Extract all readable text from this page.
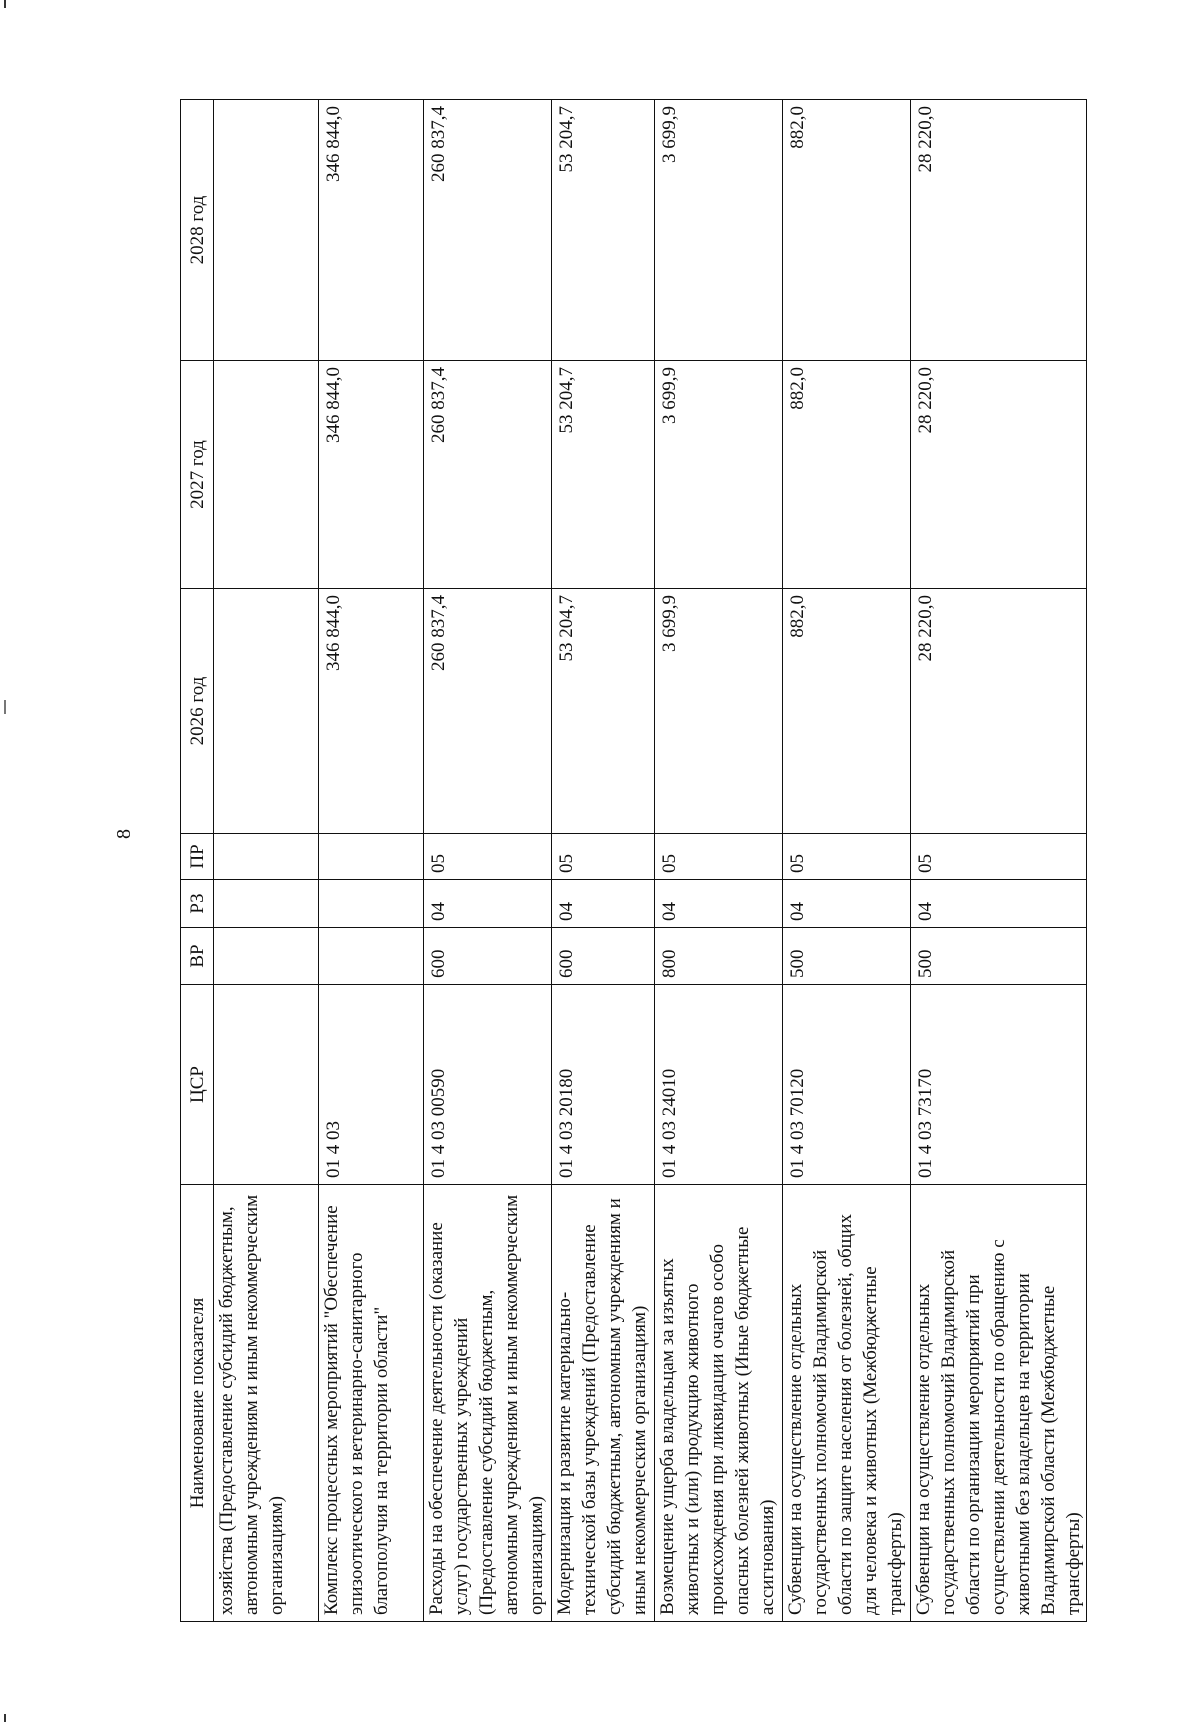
8
Наименование показателя	ЦСР	ВР	РЗ	ПР	2026 год	2027 год	2028 год
хозяйства (Предоставление субсидий бюджетным, автономным учреждениям и иным некоммерческим организациям)							
Комплекс процессных мероприятий "Обеспечение эпизоотического и ветеринарно-санитарного благополучия на территории области"	01 4 03				346 844,0	346 844,0	346 844,0
Расходы на обеспечение деятельности (оказание услуг) государственных учреждений (Предоставление субсидий бюджетным, автономным учреждениям и иным некоммерческим организациям)	01 4 03 00590	600	04	05	260 837,4	260 837,4	260 837,4
Модернизация и развитие материально-технической базы учреждений (Предоставление субсидий бюджетным, автономным учреждениям и иным некоммерческим организациям)	01 4 03 20180	600	04	05	53 204,7	53 204,7	53 204,7
Возмещение ущерба владельцам за изъятых животных и (или) продукцию животного происхождения при ликвидации очагов особо опасных болезней животных (Иные бюджетные ассигнования)	01 4 03 24010	800	04	05	3 699,9	3 699,9	3 699,9
Субвенции на осуществление отдельных государственных полномочий Владимирской области по защите населения от болезней, общих для человека и животных (Межбюджетные трансферты)	01 4 03 70120	500	04	05	882,0	882,0	882,0
Субвенции на осуществление отдельных государственных полномочий Владимирской области по организации мероприятий при осуществлении деятельности по обращению с животными без владельцев на территории Владимирской области (Межбюджетные трансферты)	01 4 03 73170	500	04	05	28 220,0	28 220,0	28 220,0
